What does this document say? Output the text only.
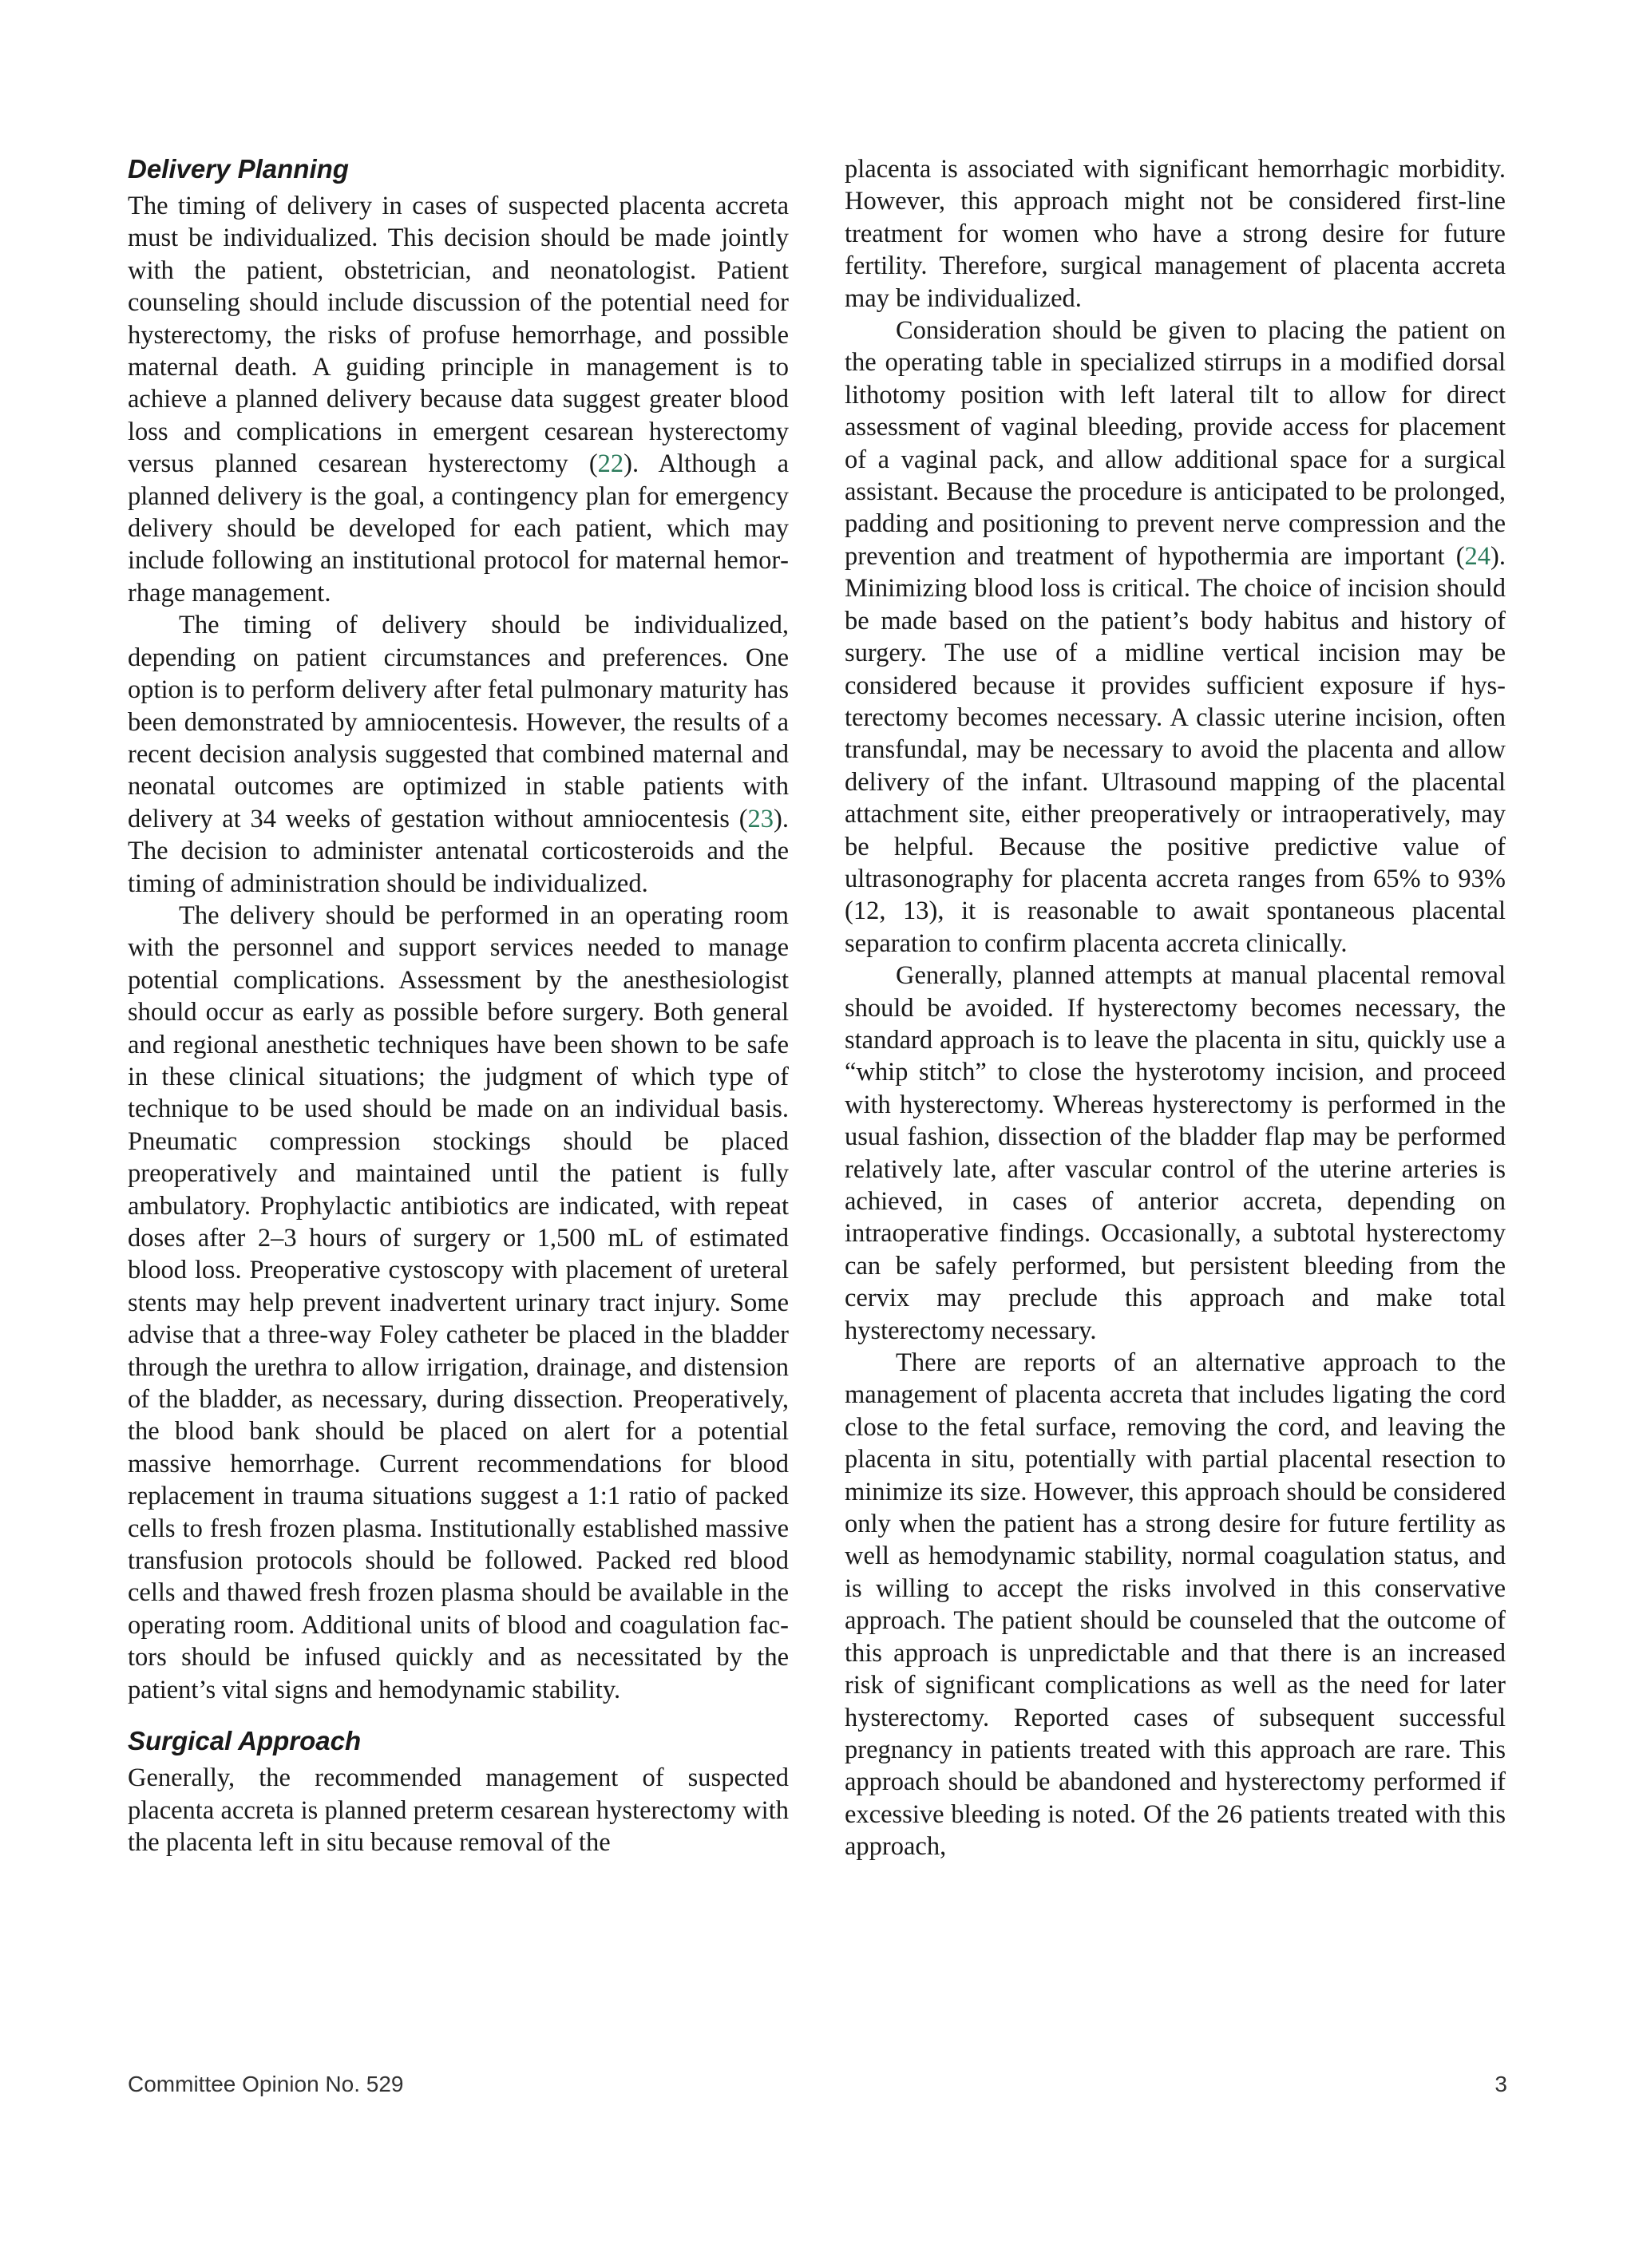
Delivery Planning

The timing of delivery in cases of suspected placenta accreta must be individualized. This decision should be made jointly with the patient, obstetrician, and neonatologist. Patient counseling should include discussion of the potential need for hysterectomy, the risks of profuse hemorrhage, and possible maternal death. A guiding principle in management is to achieve a planned delivery because data suggest greater blood loss and complications in emergent cesarean hysterectomy versus planned cesarean hysterectomy (22). Although a planned delivery is the goal, a contingency plan for emergency delivery should be developed for each patient, which may include following an institutional protocol for maternal hemorrhage management.

The timing of delivery should be individualized, depending on patient circumstances and preferences. One option is to perform delivery after fetal pulmonary maturity has been demonstrated by amniocentesis. However, the results of a recent decision analysis suggested that combined maternal and neonatal outcomes are optimized in stable patients with delivery at 34 weeks of gestation without amniocentesis (23). The decision to administer antenatal corticosteroids and the timing of administration should be individualized.

The delivery should be performed in an operating room with the personnel and support services needed to manage potential complications. Assessment by the anesthesiologist should occur as early as possible before surgery. Both general and regional anesthetic techniques have been shown to be safe in these clinical situations; the judgment of which type of technique to be used should be made on an individual basis. Pneumatic compression stockings should be placed preoperatively and maintained until the patient is fully ambulatory. Prophylactic antibiotics are indicated, with repeat doses after 2–3 hours of surgery or 1,500 mL of estimated blood loss. Preoperative cystoscopy with placement of ureteral stents may help prevent inadvertent urinary tract injury. Some advise that a three-way Foley catheter be placed in the bladder through the urethra to allow irrigation, drainage, and distension of the bladder, as necessary, during dissection. Preoperatively, the blood bank should be placed on alert for a potential massive hemorrhage. Current recommendations for blood replacement in trauma situations suggest a 1:1 ratio of packed cells to fresh frozen plasma. Institutionally established massive transfusion protocols should be followed. Packed red blood cells and thawed fresh frozen plasma should be available in the operating room. Additional units of blood and coagulation factors should be infused quickly and as necessitated by the patient’s vital signs and hemodynamic stability.

Surgical Approach

Generally, the recommended management of suspected placenta accreta is planned preterm cesarean hysterectomy with the placenta left in situ because removal of the

placenta is associated with significant hemorrhagic morbidity. However, this approach might not be considered first-line treatment for women who have a strong desire for future fertility. Therefore, surgical management of placenta accreta may be individualized.

Consideration should be given to placing the patient on the operating table in specialized stirrups in a modified dorsal lithotomy position with left lateral tilt to allow for direct assessment of vaginal bleeding, provide access for placement of a vaginal pack, and allow additional space for a surgical assistant. Because the procedure is anticipated to be prolonged, padding and positioning to prevent nerve compression and the prevention and treatment of hypothermia are important (24). Minimizing blood loss is critical. The choice of incision should be made based on the patient’s body habitus and history of surgery. The use of a midline vertical incision may be considered because it provides sufficient exposure if hysterectomy becomes necessary. A classic uterine incision, often transfundal, may be necessary to avoid the placenta and allow delivery of the infant. Ultrasound mapping of the placental attachment site, either preoperatively or intraoperatively, may be helpful. Because the positive predictive value of ultrasonography for placenta accreta ranges from 65% to 93% (12, 13), it is reasonable to await spontaneous placental separation to confirm placenta accreta clinically.

Generally, planned attempts at manual placental removal should be avoided. If hysterectomy becomes necessary, the standard approach is to leave the placenta in situ, quickly use a “whip stitch” to close the hysterotomy incision, and proceed with hysterectomy. Whereas hysterectomy is performed in the usual fashion, dissection of the bladder flap may be performed relatively late, after vascular control of the uterine arteries is achieved, in cases of anterior accreta, depending on intraoperative findings. Occasionally, a subtotal hysterectomy can be safely performed, but persistent bleeding from the cervix may preclude this approach and make total hysterectomy necessary.

There are reports of an alternative approach to the management of placenta accreta that includes ligating the cord close to the fetal surface, removing the cord, and leaving the placenta in situ, potentially with partial placental resection to minimize its size. However, this approach should be considered only when the patient has a strong desire for future fertility as well as hemodynamic stability, normal coagulation status, and is willing to accept the risks involved in this conservative approach. The patient should be counseled that the outcome of this approach is unpredictable and that there is an increased risk of significant complications as well as the need for later hysterectomy. Reported cases of subsequent successful pregnancy in patients treated with this approach are rare. This approach should be abandoned and hysterectomy performed if excessive bleeding is noted. Of the 26 patients treated with this approach,

Committee Opinion No. 529	3
